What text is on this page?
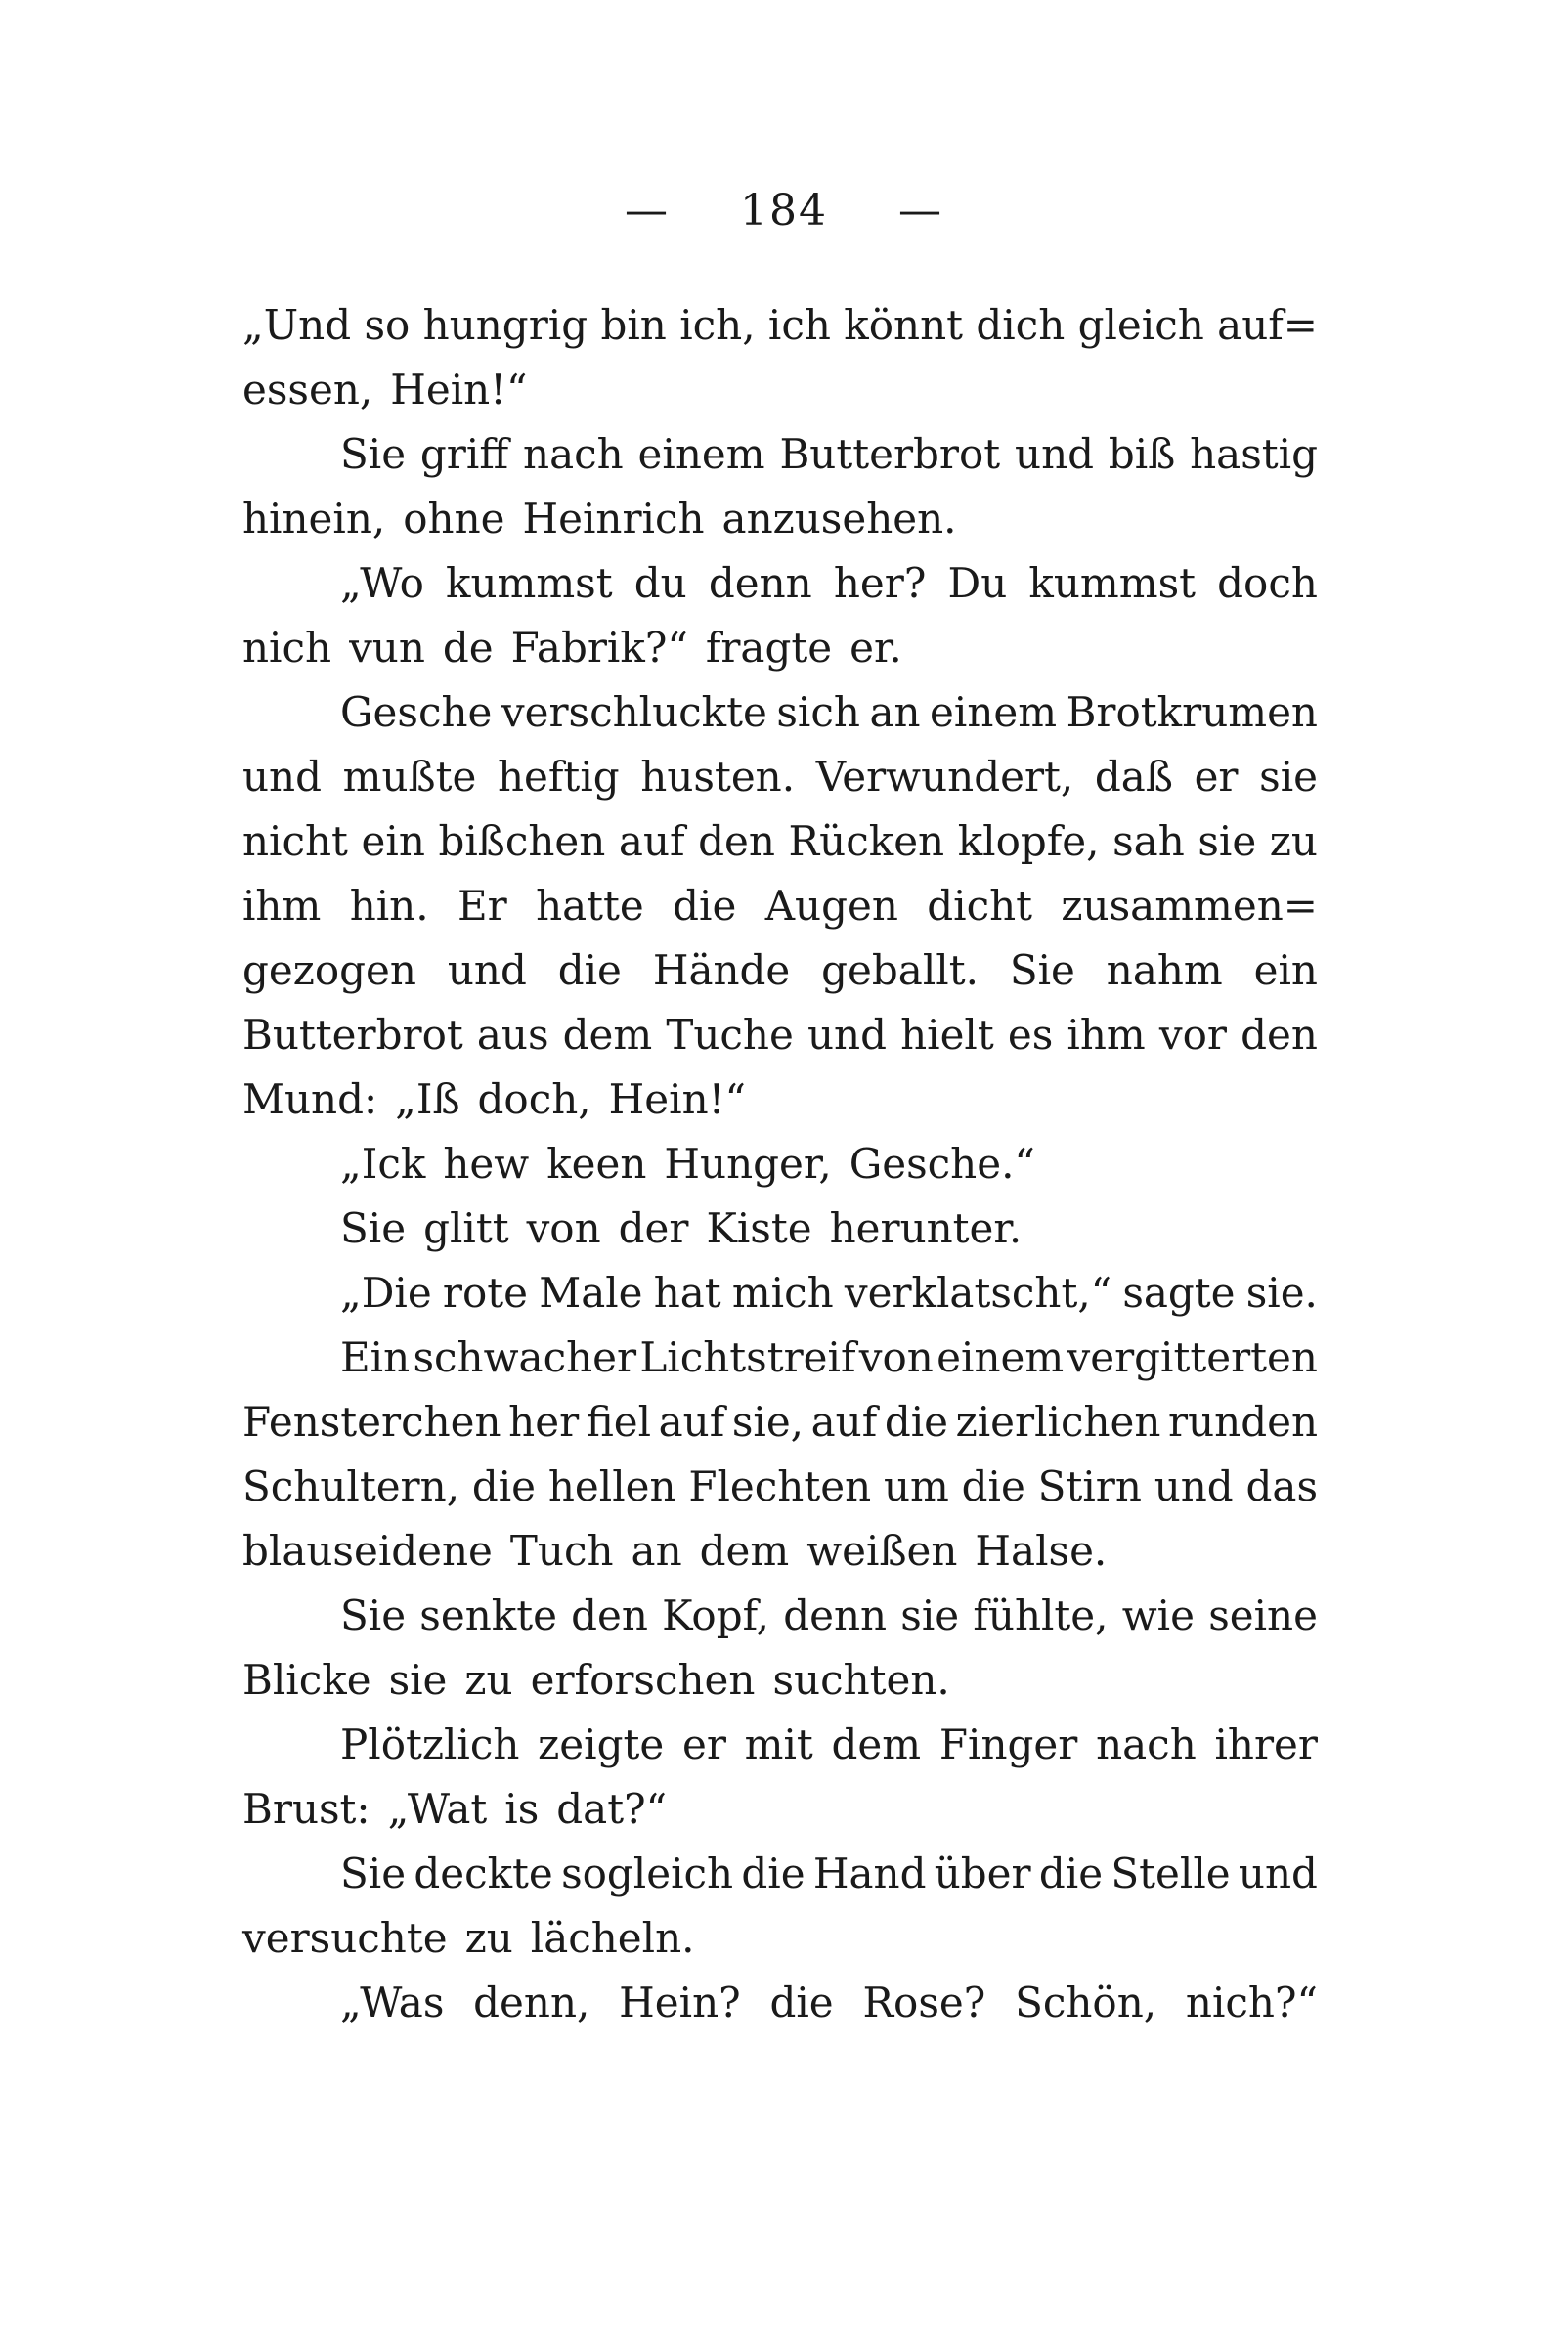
— 184 —
„Und so hungrig bin ich, ich könnt dich gleich auf=
essen, Hein!“
Sie griff nach einem Butterbrot und biß hastig
hinein, ohne Heinrich anzusehen.
„Wo kummst du denn her? Du kummst doch
nich vun de Fabrik?“ fragte er.
Gesche verschluckte sich an einem Brotkrumen
und mußte heftig husten. Verwundert, daß er sie
nicht ein bißchen auf den Rücken klopfe, sah sie zu
ihm hin. Er hatte die Augen dicht zusammen=
gezogen und die Hände geballt. Sie nahm ein
Butterbrot aus dem Tuche und hielt es ihm vor den
Mund: „Iß doch, Hein!“
„Ick hew keen Hunger, Gesche.“
Sie glitt von der Kiste herunter.
„Die rote Male hat mich verklatscht,“ sagte sie.
Ein schwacher Lichtstreif von einem vergitterten
Fensterchen her fiel auf sie, auf die zierlichen runden
Schultern, die hellen Flechten um die Stirn und das
blauseidene Tuch an dem weißen Halse.
Sie senkte den Kopf, denn sie fühlte, wie seine
Blicke sie zu erforschen suchten.
Plötzlich zeigte er mit dem Finger nach ihrer
Brust: „Wat is dat?“
Sie deckte sogleich die Hand über die Stelle und
versuchte zu lächeln.
„Was denn, Hein? die Rose? Schön, nich?“
